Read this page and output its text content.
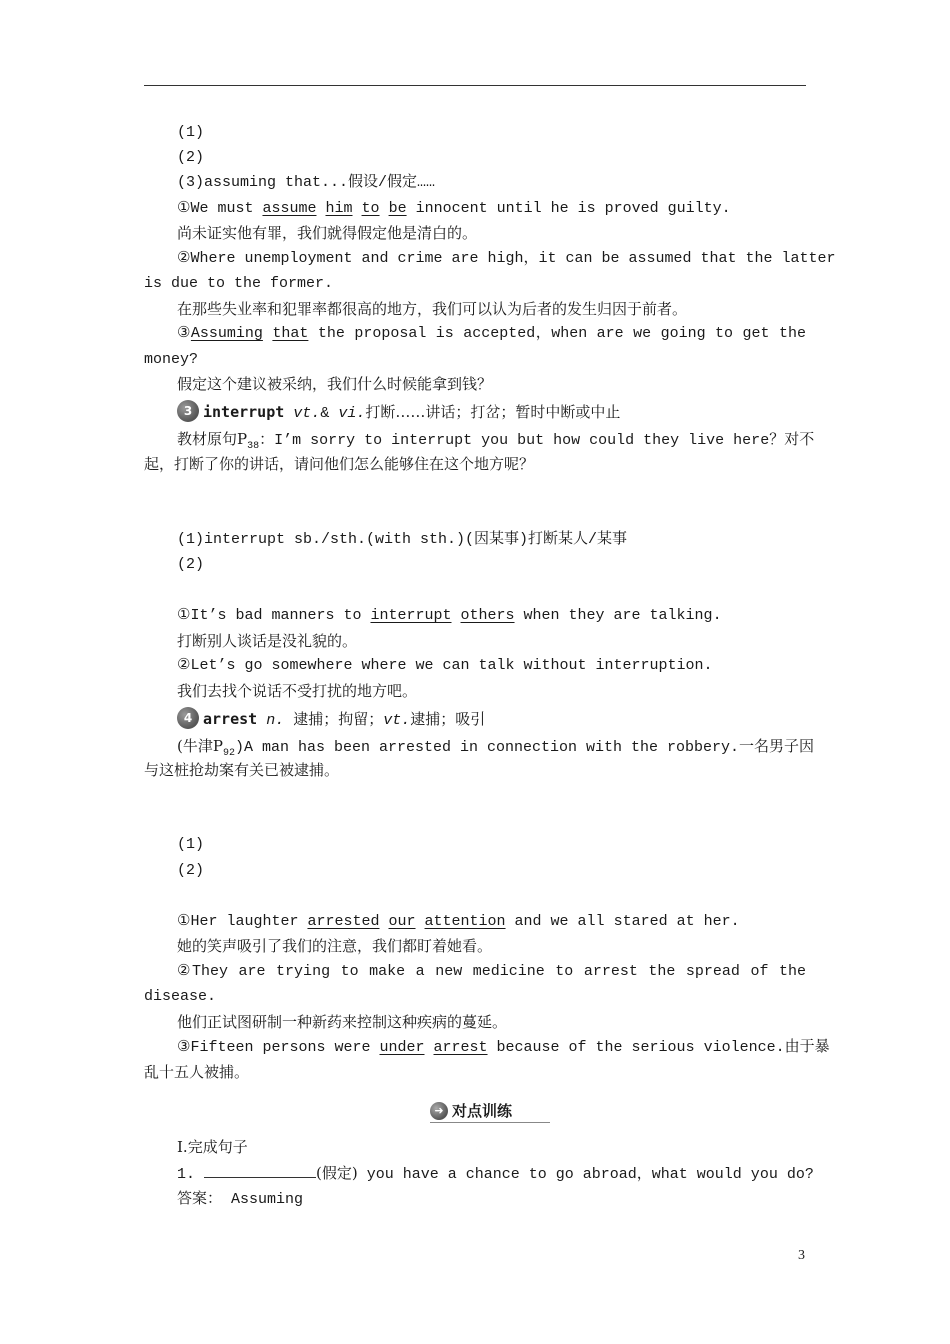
(1)
(2)
(3)assuming that...假设/假定……
①We must assume him to be innocent until he is proved guilty.
尚未证实他有罪，我们就得假定他是清白的。
②Where unemployment and crime are high，it can be assumed that the latter
is due to the former.
在那些失业率和犯罪率都很高的地方，我们可以认为后者的发生归因于前者。
③Assuming that the proposal is accepted，when are we going to get the
money?
假定这个建议被采纳，我们什么时候能拿到钱？
3 interrupt vt.& vi.打断……讲话；打岔；暂时中断或中止
教材原句$P_{38}$：I’m sorry to interrupt you but how could they live here？对不
起，打断了你的讲话，请问他们怎么能够住在这个地方呢？
(1)interrupt sb./sth.(with sth.)(因某事)打断某人/某事
(2)
①It’s bad manners to interrupt others when they are talking.
打断别人谈话是没礼貌的。
②Let’s go somewhere where we can talk without interruption.
我们去找个说话不受打扰的地方吧。
4 arrest n. 逮捕；拘留；vt.逮捕；吸引
(牛津$P_{92})A$ man has been arrested in connection with the robbery.一名男子因
与这桩抢劫案有关已被逮捕。
(1)
(2)
①Her laughter arrested our attention and we all stared at her.
她的笑声吸引了我们的注意，我们都盯着她看。
②They are trying to make a new medicine to arrest the spread of the
disease.
他们正试图研制一种新药来控制这种疾病的蔓延。
③Fifteen persons were under arrest because of the serious violence.由于暴
乱十五人被捕。
➜ 对点训练
Ⅰ.完成句子
1.	(假定) you have a chance to go abroad，what would you do?
答案： Assuming
3
